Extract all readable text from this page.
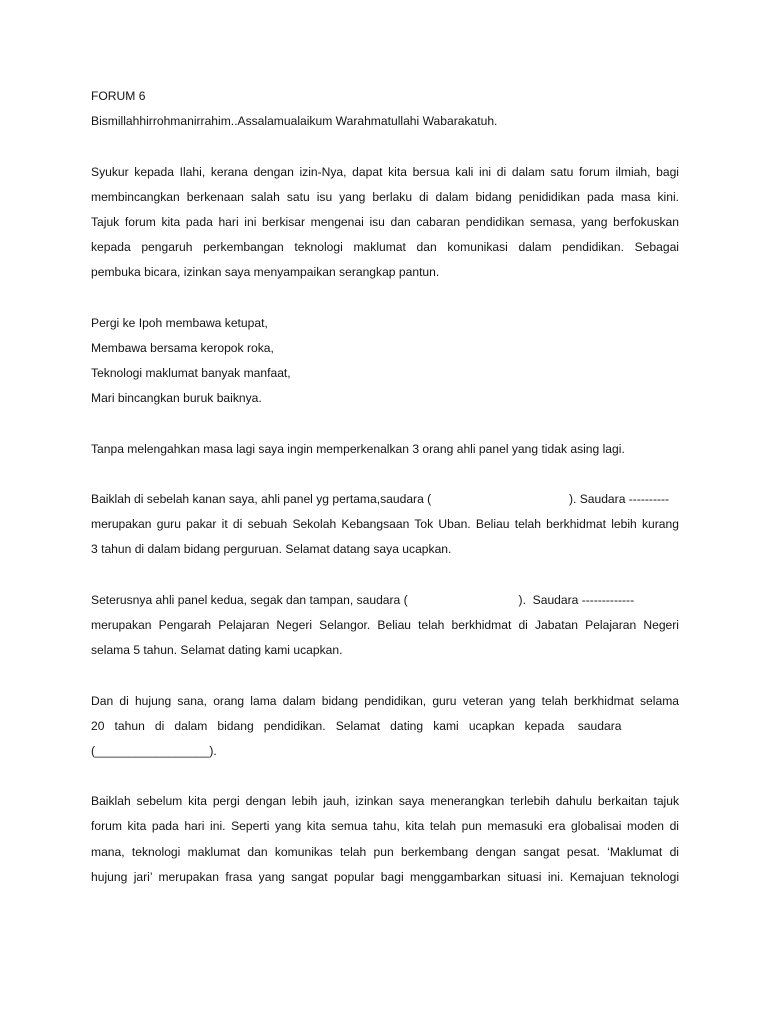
FORUM 6
Bismillahhirrohmanirrahim..Assalamualaikum Warahmatullahi Wabarakatuh.
Syukur kepada Ilahi, kerana dengan izin-Nya, dapat kita bersua kali ini di dalam satu forum ilmiah, bagi
membincangkan berkenaan salah satu isu yang berlaku di dalam bidang penididikan pada masa kini.
Tajuk forum kita pada hari ini berkisar mengenai isu dan cabaran pendidikan semasa, yang berfokuskan
kepada pengaruh perkembangan teknologi maklumat dan komunikasi dalam pendidikan. Sebagai
pembuka bicara, izinkan saya menyampaikan serangkap pantun.
Pergi ke Ipoh membawa ketupat,
Membawa bersama keropok roka,
Teknologi maklumat banyak manfaat,
Mari bincangkan buruk baiknya.
Tanpa melengahkan masa lagi saya ingin memperkenalkan 3 orang ahli panel yang tidak asing lagi.
Baiklah di sebelah kanan saya, ahli panel yg pertama,saudara (                                         ). Saudara ----------
merupakan guru pakar it di sebuah Sekolah Kebangsaan Tok Uban. Beliau telah berkhidmat lebih kurang
3 tahun di dalam bidang perguruan. Selamat datang saya ucapkan.
Seterusnya ahli panel kedua, segak dan tampan, saudara (                                 ).  Saudara -------------
merupakan Pengarah Pelajaran Negeri Selangor. Beliau telah berkhidmat di Jabatan Pelajaran Negeri
selama 5 tahun. Selamat dating kami ucapkan.
Dan di hujung sana, orang lama dalam bidang pendidikan, guru veteran yang telah berkhidmat selama
20   tahun   di   dalam   bidang   pendidikan.   Selamat   dating   kami   ucapkan   kepada    saudara
(_________________).
Baiklah sebelum kita pergi dengan lebih jauh, izinkan saya menerangkan terlebih dahulu berkaitan tajuk
forum kita pada hari ini. Seperti yang kita semua tahu, kita telah pun memasuki era globalisai moden di
mana, teknologi maklumat dan komunikas telah pun berkembang dengan sangat pesat. ‘Maklumat di
hujung jari’ merupakan frasa yang sangat popular bagi menggambarkan situasi ini. Kemajuan teknologi
